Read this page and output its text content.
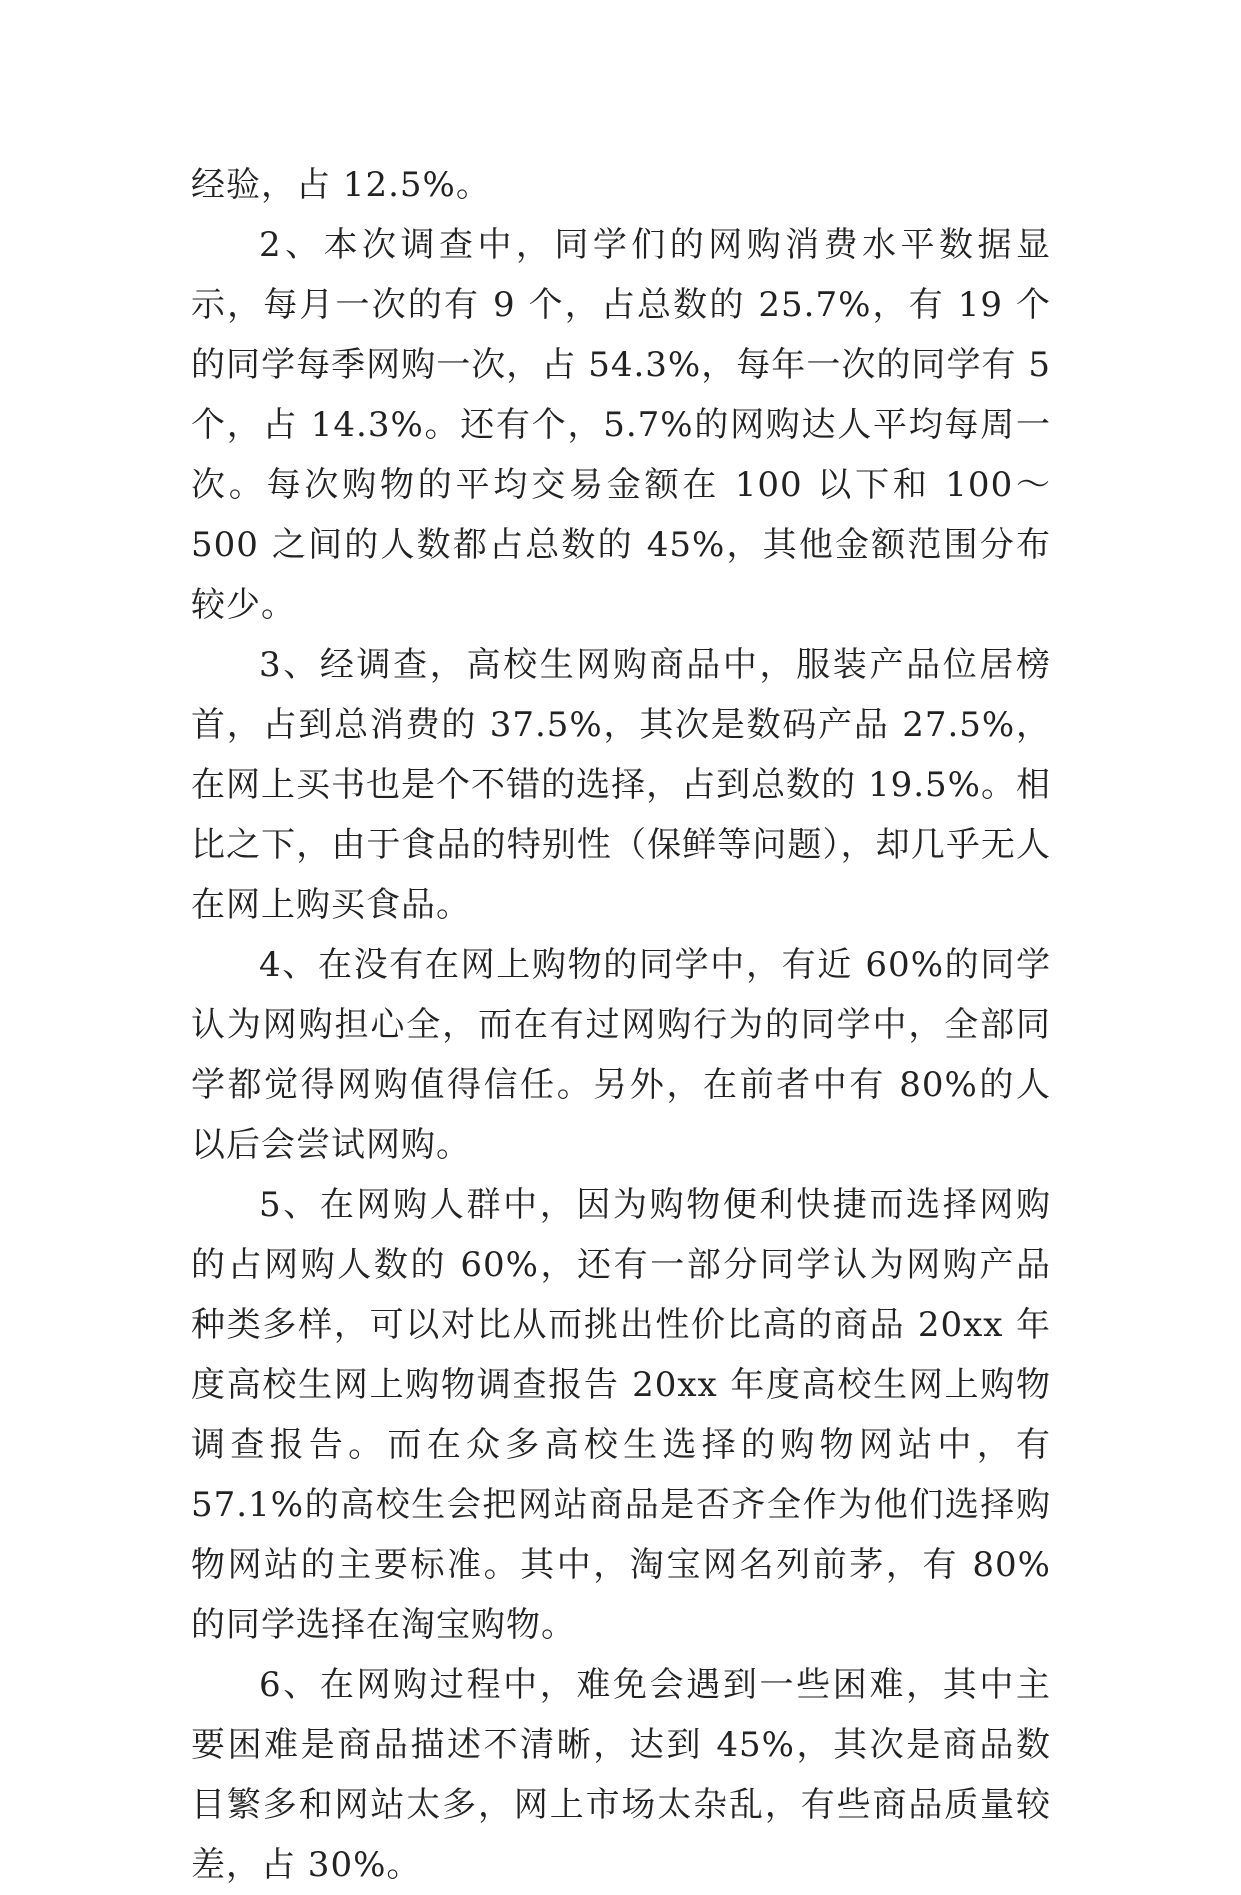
经验，占 12.5%。

2、本次调查中，同学们的网购消费水平数据显示，每月一次的有 9 个，占总数的 25.7%，有 19 个的同学每季网购一次，占 54.3%，每年一次的同学有 5 个，占 14.3%。还有个，5.7%的网购达人平均每周一次。每次购物的平均交易金额在 100 以下和 100～500 之间的人数都占总数的 45%，其他金额范围分布较少。

3、经调查，高校生网购商品中，服装产品位居榜首，占到总消费的 37.5%，其次是数码产品 27.5%，在网上买书也是个不错的选择，占到总数的 19.5%。相比之下，由于食品的特别性（保鲜等问题），却几乎无人在网上购买食品。

4、在没有在网上购物的同学中，有近 60%的同学认为网购担心全，而在有过网购行为的同学中，全部同学都觉得网购值得信任。另外，在前者中有 80%的人以后会尝试网购。

5、在网购人群中，因为购物便利快捷而选择网购的占网购人数的 60%，还有一部分同学认为网购产品种类多样，可以对比从而挑出性价比高的商品 20xx 年度高校生网上购物调查报告 20xx 年度高校生网上购物调查报告。而在众多高校生选择的购物网站中，有 57.1%的高校生会把网站商品是否齐全作为他们选择购物网站的主要标准。其中，淘宝网名列前茅，有 80%的同学选择在淘宝购物。

6、在网购过程中，难免会遇到一些困难，其中主要困难是商品描述不清晰，达到 45%，其次是商品数目繁多和网站太多，网上市场太杂乱，有些商品质量较差，占 30%。
